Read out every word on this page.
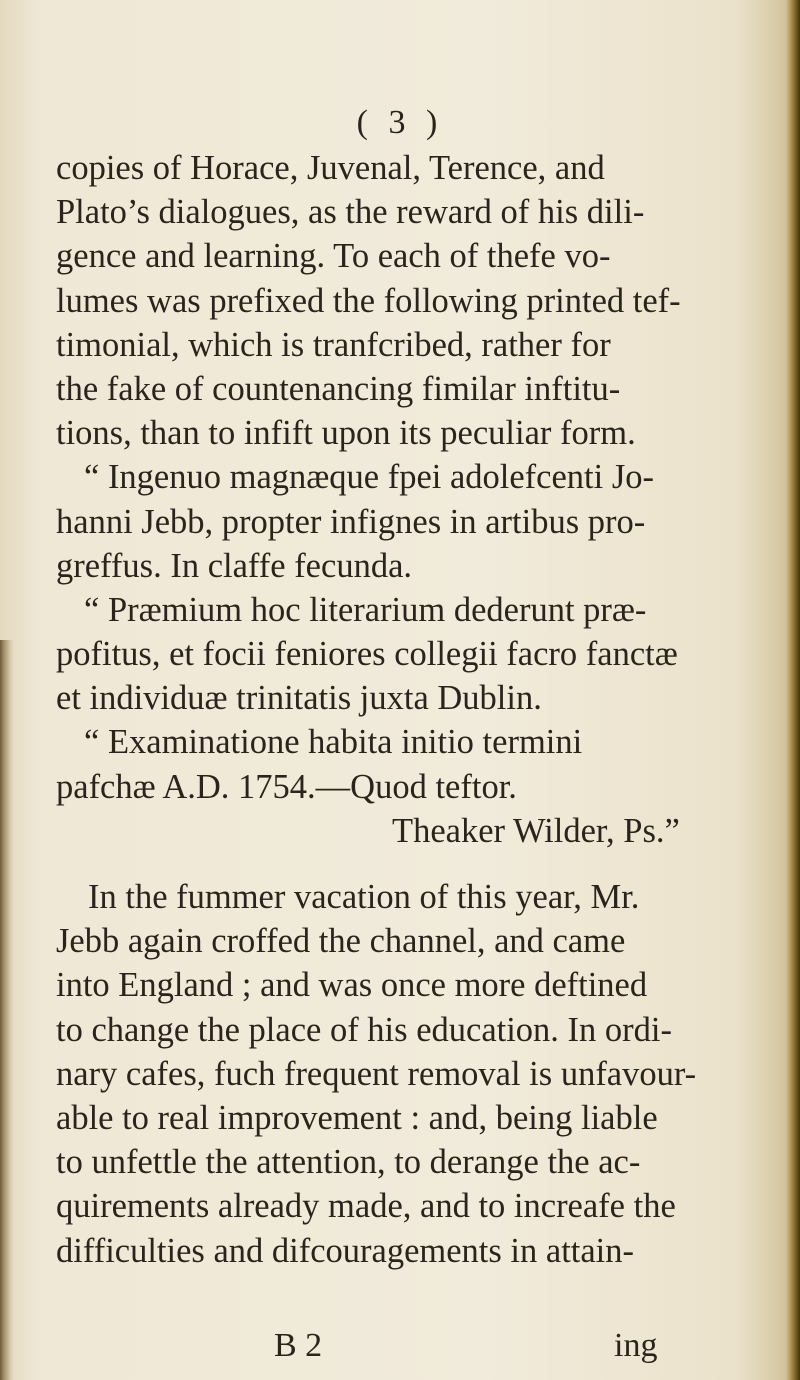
( 3 )
copies of Horace, Juvenal, Terence, and
Plato’s dialogues, as the reward of his dili-
gence and learning. To each of thefe vo-
lumes was prefixed the following printed tef-
timonial, which is tranfcribed, rather for
the fake of countenancing fimilar inftitu-
tions, than to infift upon its peculiar form.
“ Ingenuo magnæque fpei adolefcenti Jo-
hanni Jebb, propter infignes in artibus pro-
greffus. In claffe fecunda.
“ Præmium hoc literarium dederunt præ-
pofitus, et focii feniores collegii facro fanctæ
et individuæ trinitatis juxta Dublin.
“ Examinatione habita initio termini
pafchæ A.D. 1754.—Quod teftor.
Theaker Wilder, Ps.”
In the fummer vacation of this year, Mr.
Jebb again croffed the channel, and came
into England ; and was once more deftined
to change the place of his education. In ordi-
nary cafes, fuch frequent removal is unfavour-
able to real improvement : and, being liable
to unfettle the attention, to derange the ac-
quirements already made, and to increafe the
difficulties and difcouragements in attain-
B 2	ing
